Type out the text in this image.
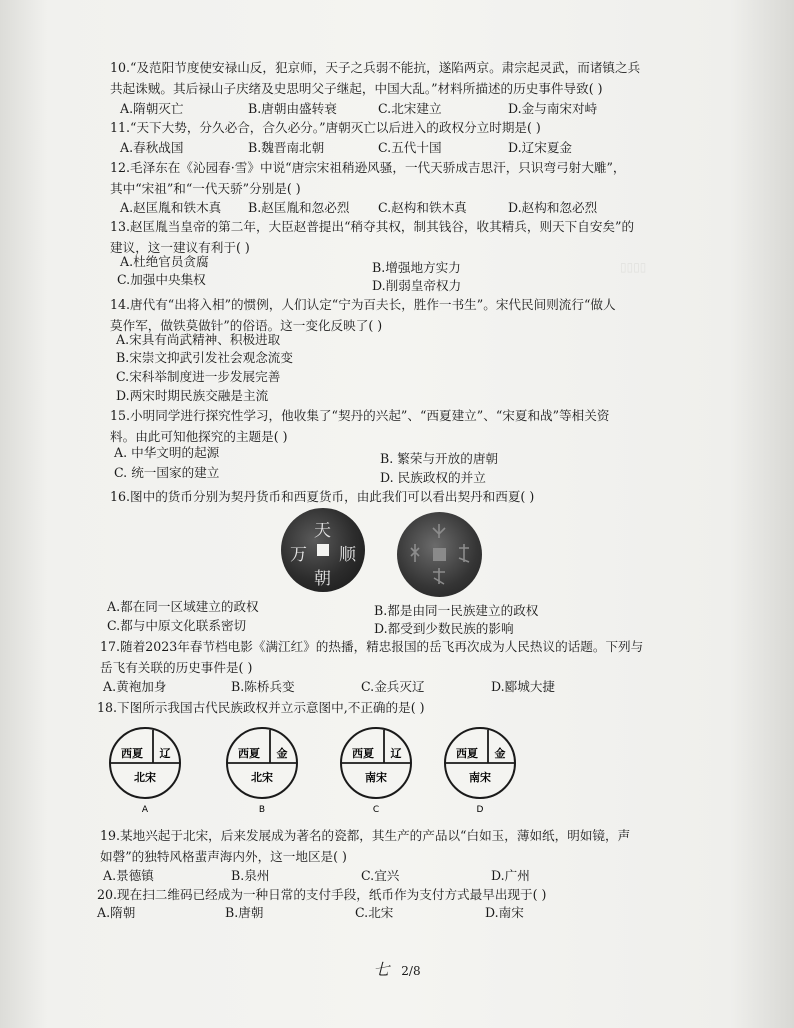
▯▯▯▯
10.“及范阳节度使安禄山反，犯京师，天子之兵弱不能抗，遂陷两京。肃宗起灵武，而诸镇之兵
共起诛贼。其后禄山子庆绪及史思明父子继起，中国大乱。”材料所描述的历史事件导致( )
A.隋朝灭亡	B.唐朝由盛转衰	C.北宋建立	D.金与南宋对峙
11.“天下大势，分久必合，合久必分。”唐朝灭亡以后进入的政权分立时期是( )
A.春秋战国	B.魏晋南北朝	C.五代十国	D.辽宋夏金
12.毛泽东在《沁园春·雪》中说“唐宗宋祖稍逊风骚，一代天骄成吉思汗，只识弯弓射大雕”，
其中“宋祖”和“一代天骄”分别是( )
A.赵匡胤和铁木真	B.赵匡胤和忽必烈	C.赵构和铁木真	D.赵构和忽必烈
13.赵匡胤当皇帝的第二年，大臣赵普提出“稍夺其权，制其钱谷，收其精兵，则天下自安矣”的
建议，这一建议有利于( )
A.杜绝官员贪腐	B.增强地方实力
C.加强中央集权	D.削弱皇帝权力
14.唐代有“出将入相”的惯例，人们认定“宁为百夫长，胜作一书生”。宋代民间则流行“做人
莫作军，做铁莫做针”的俗语。这一变化反映了( )
A.宋具有尚武精神、积极进取
B.宋崇文抑武引发社会观念流变
C.宋科举制度进一步发展完善
D.两宋时期民族交融是主流
15.小明同学进行探究性学习，他收集了“契丹的兴起”、“西夏建立”、“宋夏和战”等相关资
料。由此可知他探究的主题是( )
A. 中华文明的起源	B. 繁荣与开放的唐朝
C. 统一国家的建立	D. 民族政权的并立
16.图中的货币分别为契丹货币和西夏货币，由此我们可以看出契丹和西夏( )
天
朝
万 顺
A.都在同一区域建立的政权	B.都是由同一民族建立的政权
C.都与中原文化联系密切	D.都受到少数民族的影响
17.随着2023年春节档电影《满江红》的热播，精忠报国的岳飞再次成为人民热议的话题。下列与
岳飞有关联的历史事件是( )
A.黄袍加身	B.陈桥兵变	C.金兵灭辽	D.郾城大捷
18.下图所示我国古代民族政权并立示意图中,不正确的是( )
西夏 辽
北宋
A
西夏 金
北宋
B
西夏 辽
南宋
C
西夏 金
南宋
D
19.某地兴起于北宋，后来发展成为著名的瓷都，其生产的产品以“白如玉，薄如纸，明如镜，声
如磬”的独特风格蜚声海内外，这一地区是( )
A.景德镇	B.泉州	C.宜兴	D.广州
20.现在扫二维码已经成为一种日常的支付手段，纸币作为支付方式最早出现于( )
A.隋朝	B.唐朝	C.北宋	D.南宋
七 2/8
